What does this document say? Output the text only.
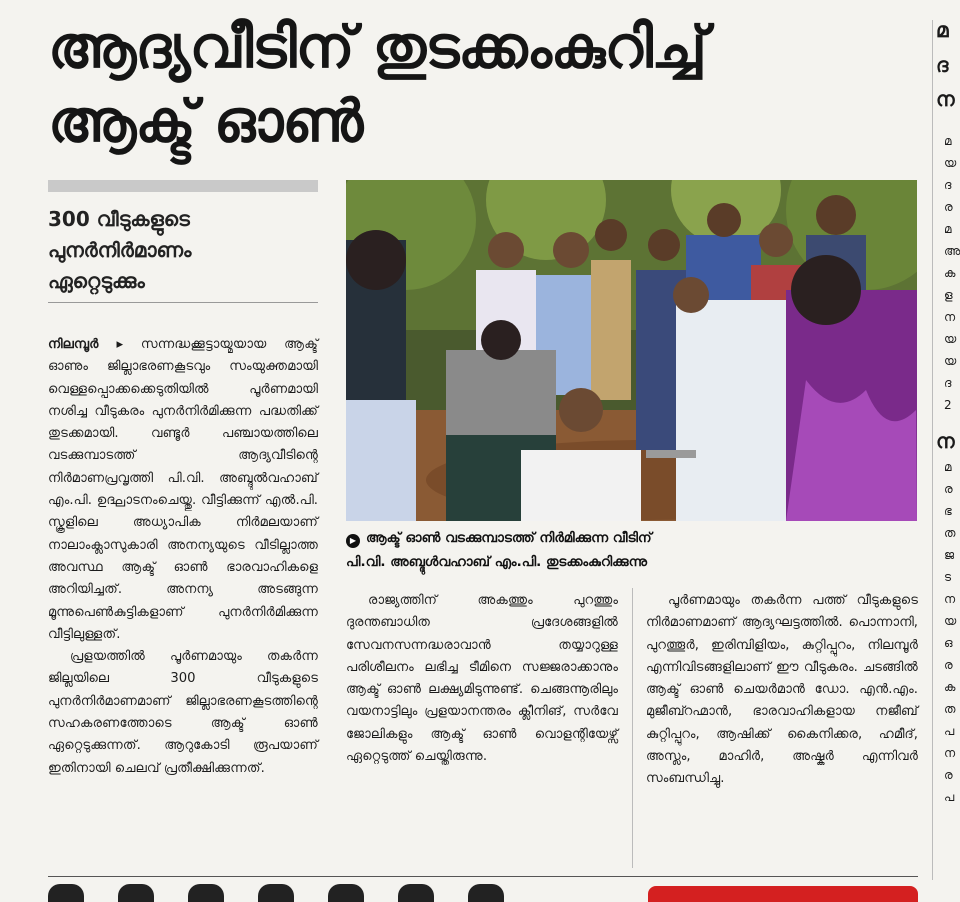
ആദ്യവീടിന് തുടക്കംകുറിച്ച്
ആക്ട് ഓൺ
300 വീടുകളുടെ
പുനർനിർമാണം
ഏറ്റെടുക്കും
▶ ആക്ട് ഓൺ വടക്കുമ്പാടത്ത് നിർമിക്കുന്ന വീടിന്
പി.വി. അബ്ദുൾവഹാബ് എം.പി. തുടക്കംകുറിക്കുന്നു

നിലമ്പൂർ ▸ സന്നദ്ധക്കൂട്ടായ്മയായ ആക്ട് ഓണും ജില്ലാഭരണകൂടവും സംയുക്തമായി വെള്ളപ്പൊക്കക്കെടുതിയിൽ പൂർണമായി നശിച്ച വീടുകരം പുനർനിർമിക്കുന്ന പദ്ധതിക്ക് തുടക്കമായി. വണ്ടൂർ പഞ്ചായത്തിലെ വടക്കുമ്പാടത്ത് ആദ്യവീടിന്റെ നിർമാണപ്രവൃത്തി പി.വി. അബ്ദുൽവഹാബ് എം.പി. ഉദ്ഘാടനംചെയ്തു. വീട്ടിക്കുന്ന് എൽ.പി. സ്കൂളിലെ അധ്യാപിക നിർമലയാണ് നാലാംക്ലാസുകാരി അനന്യയുടെ വീടില്ലാത്ത അവസ്ഥ ആക്ട് ഓൺ ഭാരവാഹികളെ അറിയിച്ചത്. അനന്യ അടങ്ങുന്ന മൂന്നുപെൺകുട്ടികളാണ് പുനർനിർമിക്കുന്ന വീട്ടിലുള്ളത്.

പ്രളയത്തിൽ പൂർണമായും തകർന്ന ജില്ലയിലെ 300 വീടുകളുടെ പുനർനിർമാണമാണ് ജില്ലാഭരണകൂടത്തിന്റെ സഹകരണത്തോടെ ആക്ട് ഓൺ ഏറ്റെടുക്കുന്നത്. ആറുകോടി രൂപയാണ് ഇതിനായി ചെലവ് പ്രതീക്ഷിക്കുന്നത്.

രാജ്യത്തിന് അകത്തും പുറത്തും ദുരന്തബാധിത പ്രദേശങ്ങളിൽ സേവനസന്നദ്ധരാവാൻ തയ്യാറുള്ള പരിശീലനം ലഭിച്ച ടീമിനെ സജ്ജരാക്കാനും ആക്ട് ഓൺ ലക്ഷ്യമിടുന്നുണ്ട്. ചെങ്ങന്നൂരിലും വയനാട്ടിലും പ്രളയാനന്തരം ക്ലീനിങ്, സർവേ ജോലികളും ആക്ട് ഓൺ വൊളന്റിയേഴ്സ് ഏറ്റെടുത്ത് ചെയ്തിരുന്നു.

പൂർണമായും തകർന്ന പത്ത് വീടുകളുടെ നിർമാണമാണ് ആദ്യഘട്ടത്തിൽ. പൊന്നാനി, പുറത്തൂർ, ഇരിമ്പിളിയം, കുറ്റിപ്പുറം, നിലമ്പൂർ എന്നിവിടങ്ങളിലാണ് ഈ വീടുകരം. ചടങ്ങിൽ ആക്ട് ഓൺ ചെയർമാൻ ഡോ. എൻ.എം. മുജീബ്റഹ്മാൻ, ഭാരവാഹികളായ നജീബ് കുറ്റിപ്പുറം, ആഷിക്ക് കൈനിക്കര, ഹമീദ്, അസ്ലം, മാഹിർ, അഷ്കർ എന്നിവർ സംബന്ധിച്ചു.

മ
ദ
ന
മ
യ
ദ
ര
മ
അ
ക
ള
ന
യ
യ
ദ
2
ന
മ
ര
ഭ
ത
ജ
ട
ന
യ
ഒ
ര
ക
ത
പ
ന
ര
പ
